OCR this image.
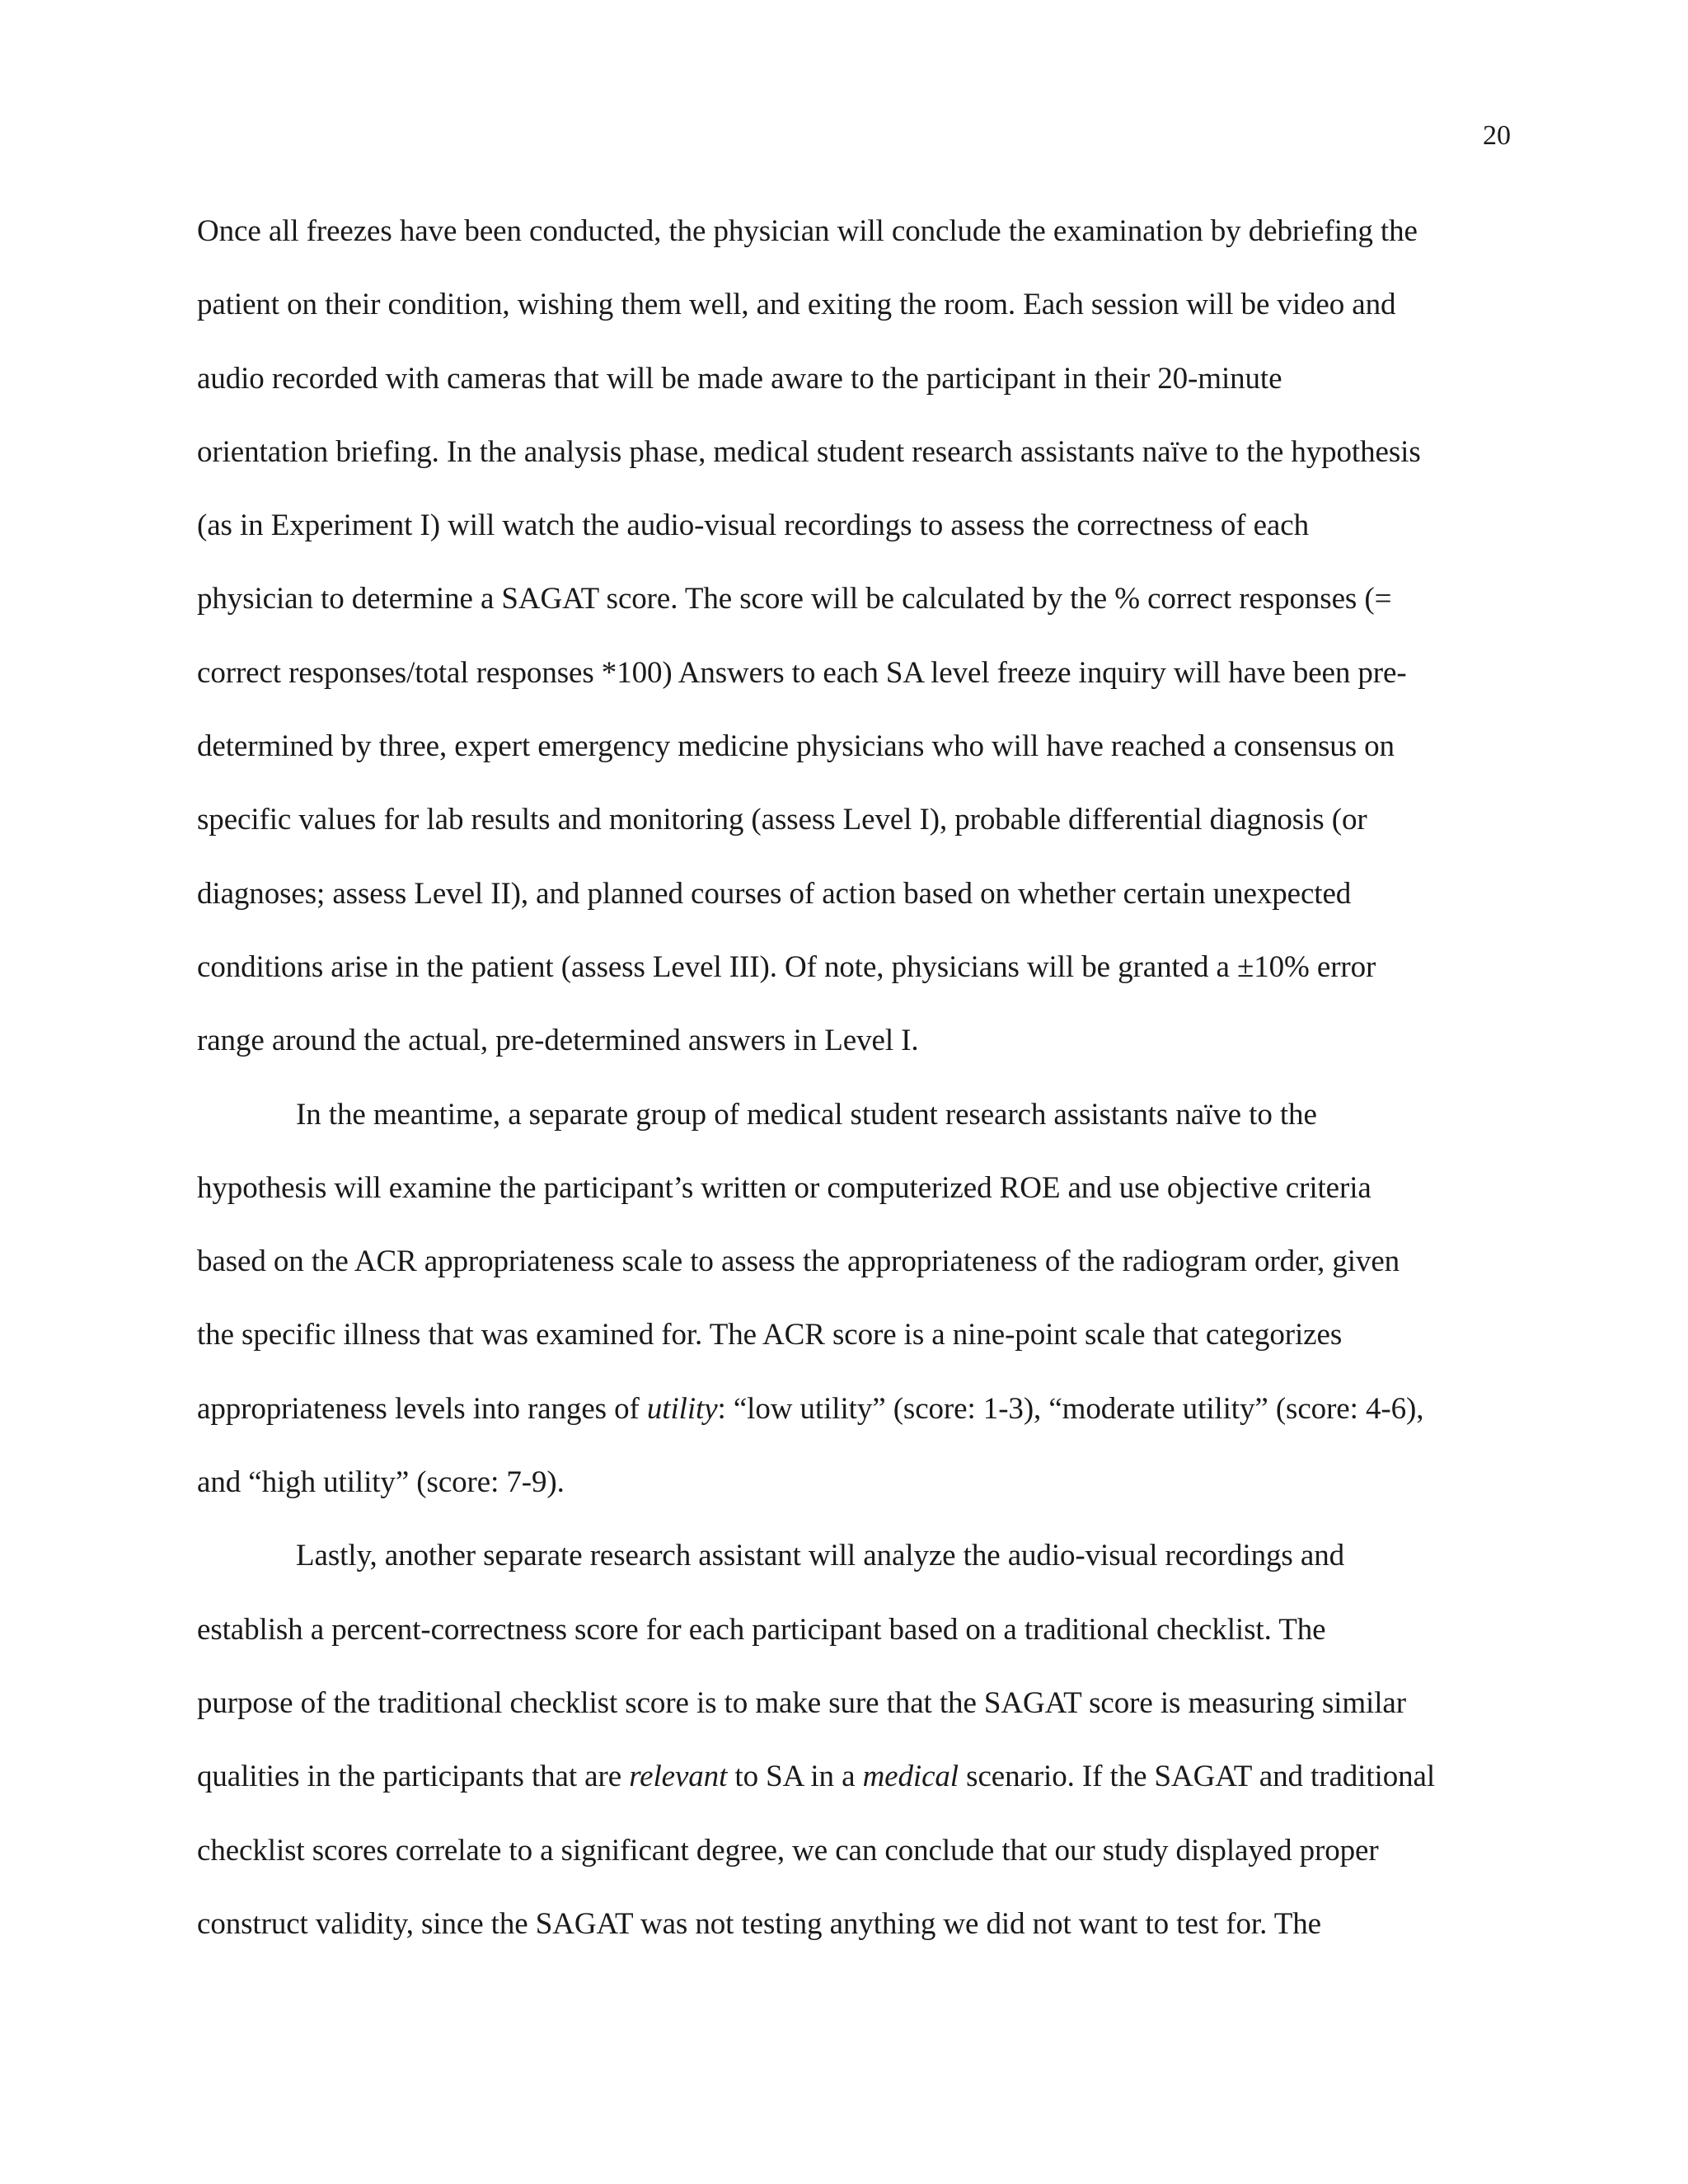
20

Once all freezes have been conducted, the physician will conclude the examination by debriefing the
patient on their condition, wishing them well, and exiting the room. Each session will be video and
audio recorded with cameras that will be made aware to the participant in their 20-minute
orientation briefing. In the analysis phase, medical student research assistants naïve to the hypothesis
(as in Experiment I) will watch the audio-visual recordings to assess the correctness of each
physician to determine a SAGAT score. The score will be calculated by the % correct responses (=
correct responses/total responses *100) Answers to each SA level freeze inquiry will have been pre-
determined by three, expert emergency medicine physicians who will have reached a consensus on
specific values for lab results and monitoring (assess Level I), probable differential diagnosis (or
diagnoses; assess Level II), and planned courses of action based on whether certain unexpected
conditions arise in the patient (assess Level III). Of note, physicians will be granted a ±10% error
range around the actual, pre-determined answers in Level I.

In the meantime, a separate group of medical student research assistants naïve to the
hypothesis will examine the participant’s written or computerized ROE and use objective criteria
based on the ACR appropriateness scale to assess the appropriateness of the radiogram order, given
the specific illness that was examined for. The ACR score is a nine-point scale that categorizes
appropriateness levels into ranges of utility: “low utility” (score: 1-3), “moderate utility” (score: 4-6),
and “high utility” (score: 7-9).

Lastly, another separate research assistant will analyze the audio-visual recordings and
establish a percent-correctness score for each participant based on a traditional checklist. The
purpose of the traditional checklist score is to make sure that the SAGAT score is measuring similar
qualities in the participants that are relevant to SA in a medical scenario. If the SAGAT and traditional
checklist scores correlate to a significant degree, we can conclude that our study displayed proper
construct validity, since the SAGAT was not testing anything we did not want to test for. The
